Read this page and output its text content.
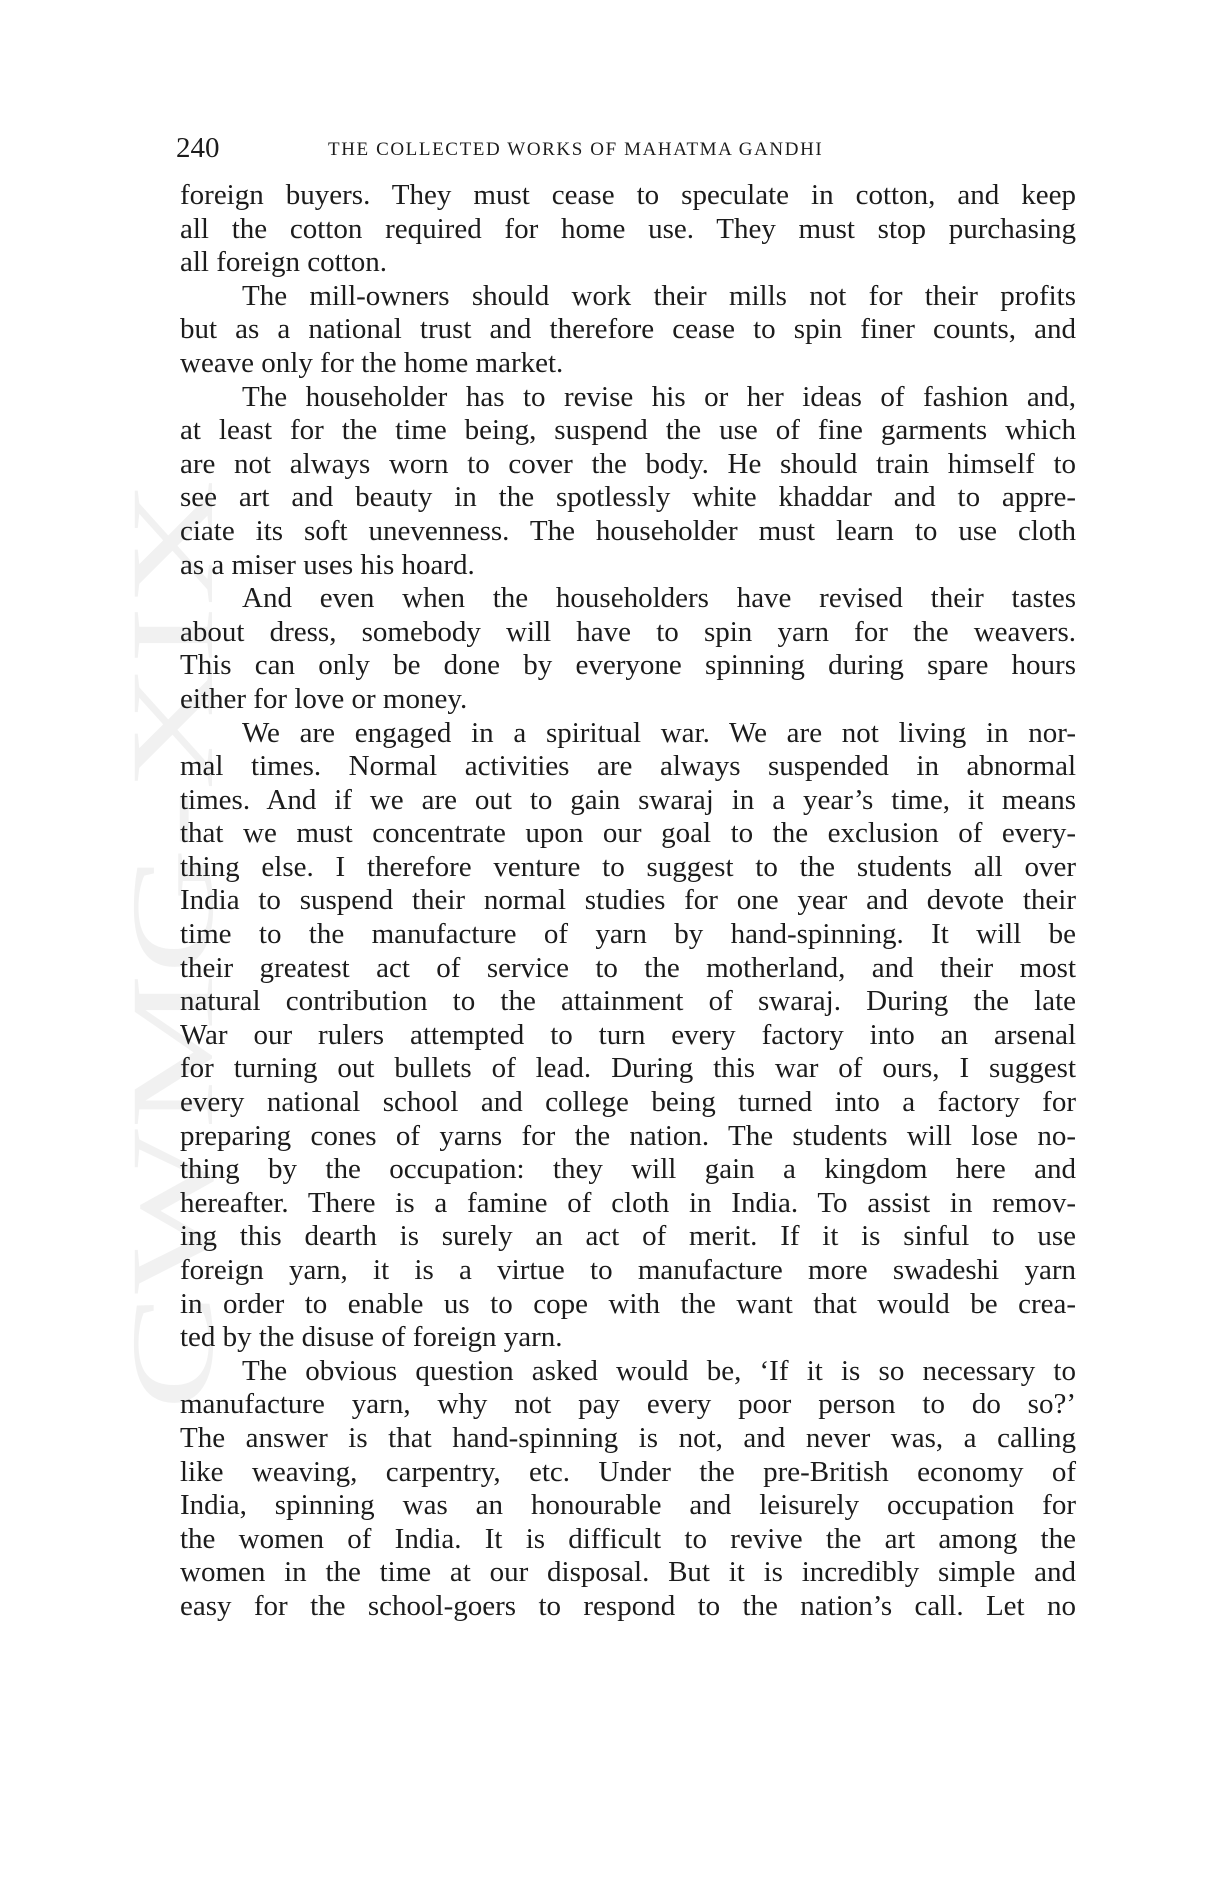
CWMG-XIX
240	THE COLLECTED WORKS OF MAHATMA GANDHI
foreign buyers. They must cease to speculate in cotton, and keep
all the cotton required for home use. They must stop purchasing
all foreign cotton.
The mill-owners should work their mills not for their profits
but as a national trust and therefore cease to spin finer counts, and
weave only for the home market.
The householder has to revise his or her ideas of fashion and,
at least for the time being, suspend the use of fine garments which
are not always worn to cover the body. He should train himself to
see art and beauty in the spotlessly white khaddar and to appre-
ciate its soft unevenness. The householder must learn to use cloth
as a miser uses his hoard.
And even when the householders have revised their tastes
about dress, somebody will have to spin yarn for the weavers.
This can only be done by everyone spinning during spare hours
either for love or money.
We are engaged in a spiritual war. We are not living in nor-
mal times. Normal activities are always suspended in abnormal
times. And if we are out to gain swaraj in a year’s time, it means
that we must concentrate upon our goal to the exclusion of every-
thing else. I therefore venture to suggest to the students all over
India to suspend their normal studies for one year and devote their
time to the manufacture of yarn by hand-spinning. It will be
their greatest act of service to the motherland, and their most
natural contribution to the attainment of swaraj. During the late
War our rulers attempted to turn every factory into an arsenal
for turning out bullets of lead. During this war of ours, I suggest
every national school and college being turned into a factory for
preparing cones of yarns for the nation. The students will lose no-
thing by the occupation: they will gain a kingdom here and
hereafter. There is a famine of cloth in India. To assist in remov-
ing this dearth is surely an act of merit. If it is sinful to use
foreign yarn, it is a virtue to manufacture more swadeshi yarn
in order to enable us to cope with the want that would be crea-
ted by the disuse of foreign yarn.
The obvious question asked would be, ‘If it is so necessary to
manufacture yarn, why not pay every poor person to do so?’
The answer is that hand-spinning is not, and never was, a calling
like weaving, carpentry, etc. Under the pre-British economy of
India, spinning was an honourable and leisurely occupation for
the women of India. It is difficult to revive the art among the
women in the time at our disposal. But it is incredibly simple and
easy for the school-goers to respond to the nation’s call. Let no
